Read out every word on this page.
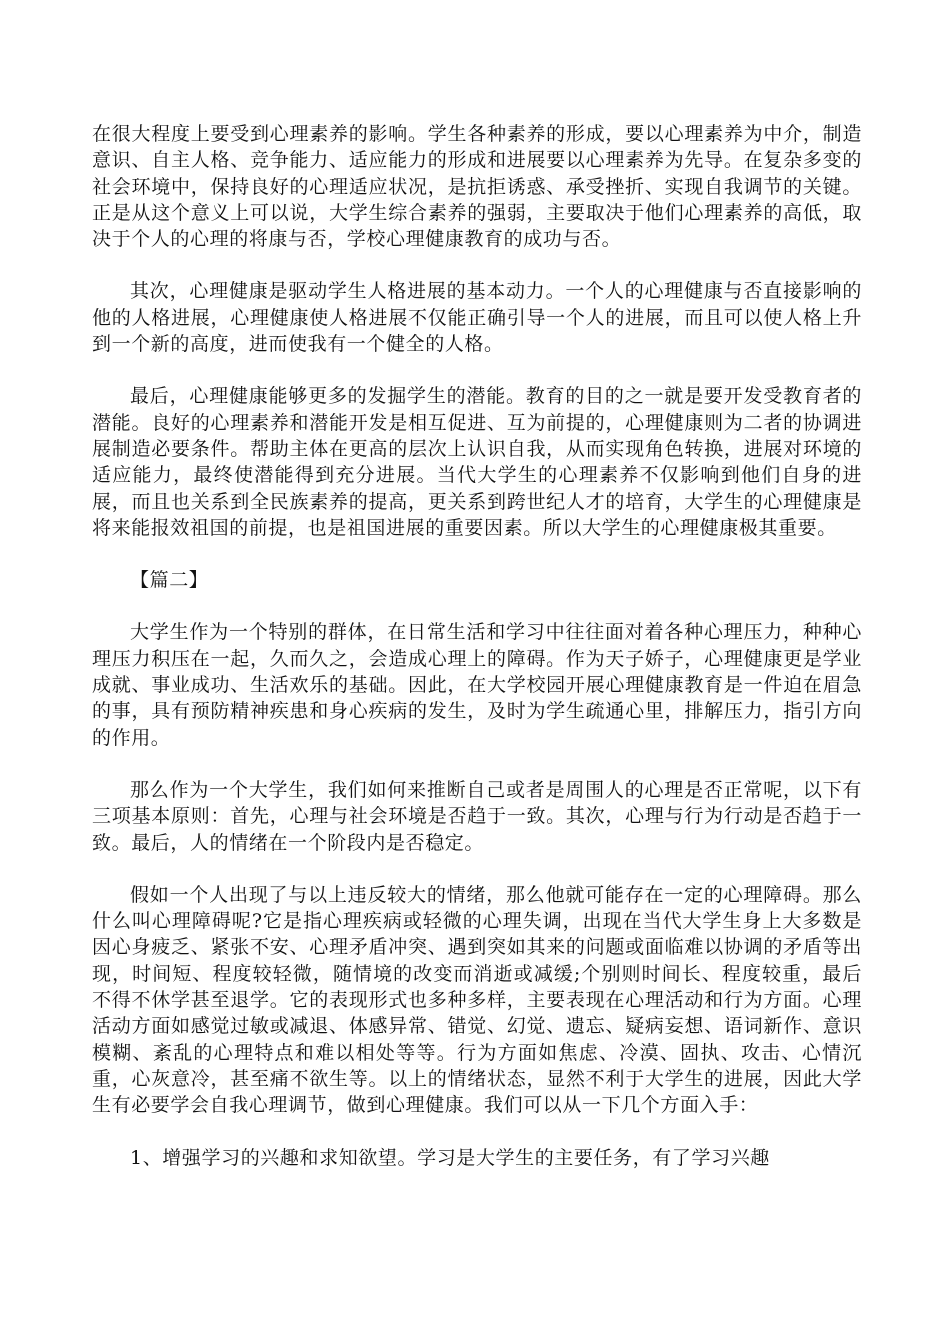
在很大程度上要受到心理素养的影响。学生各种素养的形成，要以心理素养为中介，制造意识、自主人格、竞争能力、适应能力的形成和进展要以心理素养为先导。在复杂多变的社会环境中，保持良好的心理适应状况，是抗拒诱惑、承受挫折、实现自我调节的关键。正是从这个意义上可以说，大学生综合素养的强弱，主要取决于他们心理素养的高低，取决于个人的心理的将康与否，学校心理健康教育的成功与否。

其次，心理健康是驱动学生人格进展的基本动力。一个人的心理健康与否直接影响的他的人格进展，心理健康使人格进展不仅能正确引导一个人的进展，而且可以使人格上升到一个新的高度，进而使我有一个健全的人格。

最后，心理健康能够更多的发掘学生的潜能。教育的目的之一就是要开发受教育者的潜能。良好的心理素养和潜能开发是相互促进、互为前提的，心理健康则为二者的协调进展制造必要条件。帮助主体在更高的层次上认识自我，从而实现角色转换，进展对环境的适应能力，最终使潜能得到充分进展。当代大学生的心理素养不仅影响到他们自身的进展，而且也关系到全民族素养的提高，更关系到跨世纪人才的培育，大学生的心理健康是将来能报效祖国的前提，也是祖国进展的重要因素。所以大学生的心理健康极其重要。

【篇二】

大学生作为一个特别的群体，在日常生活和学习中往往面对着各种心理压力，种种心理压力积压在一起，久而久之，会造成心理上的障碍。作为天子娇子，心理健康更是学业成就、事业成功、生活欢乐的基础。因此，在大学校园开展心理健康教育是一件迫在眉急的事，具有预防精神疾患和身心疾病的发生，及时为学生疏通心里，排解压力，指引方向的作用。

那么作为一个大学生，我们如何来推断自己或者是周围人的心理是否正常呢，以下有三项基本原则：首先，心理与社会环境是否趋于一致。其次，心理与行为行动是否趋于一致。最后，人的情绪在一个阶段内是否稳定。

假如一个人出现了与以上违反较大的情绪，那么他就可能存在一定的心理障碍。那么什么叫心理障碍呢?它是指心理疾病或轻微的心理失调，出现在当代大学生身上大多数是因心身疲乏、紧张不安、心理矛盾冲突、遇到突如其来的问题或面临难以协调的矛盾等出现，时间短、程度较轻微，随情境的改变而消逝或减缓;个别则时间长、程度较重，最后不得不休学甚至退学。它的表现形式也多种多样，主要表现在心理活动和行为方面。心理活动方面如感觉过敏或减退、体感异常、错觉、幻觉、遗忘、疑病妄想、语词新作、意识模糊、紊乱的心理特点和难以相处等等。行为方面如焦虑、冷漠、固执、攻击、心情沉重，心灰意冷，甚至痛不欲生等。以上的情绪状态，显然不利于大学生的进展，因此大学生有必要学会自我心理调节，做到心理健康。我们可以从一下几个方面入手：

1、增强学习的兴趣和求知欲望。学习是大学生的主要任务，有了学习兴趣
